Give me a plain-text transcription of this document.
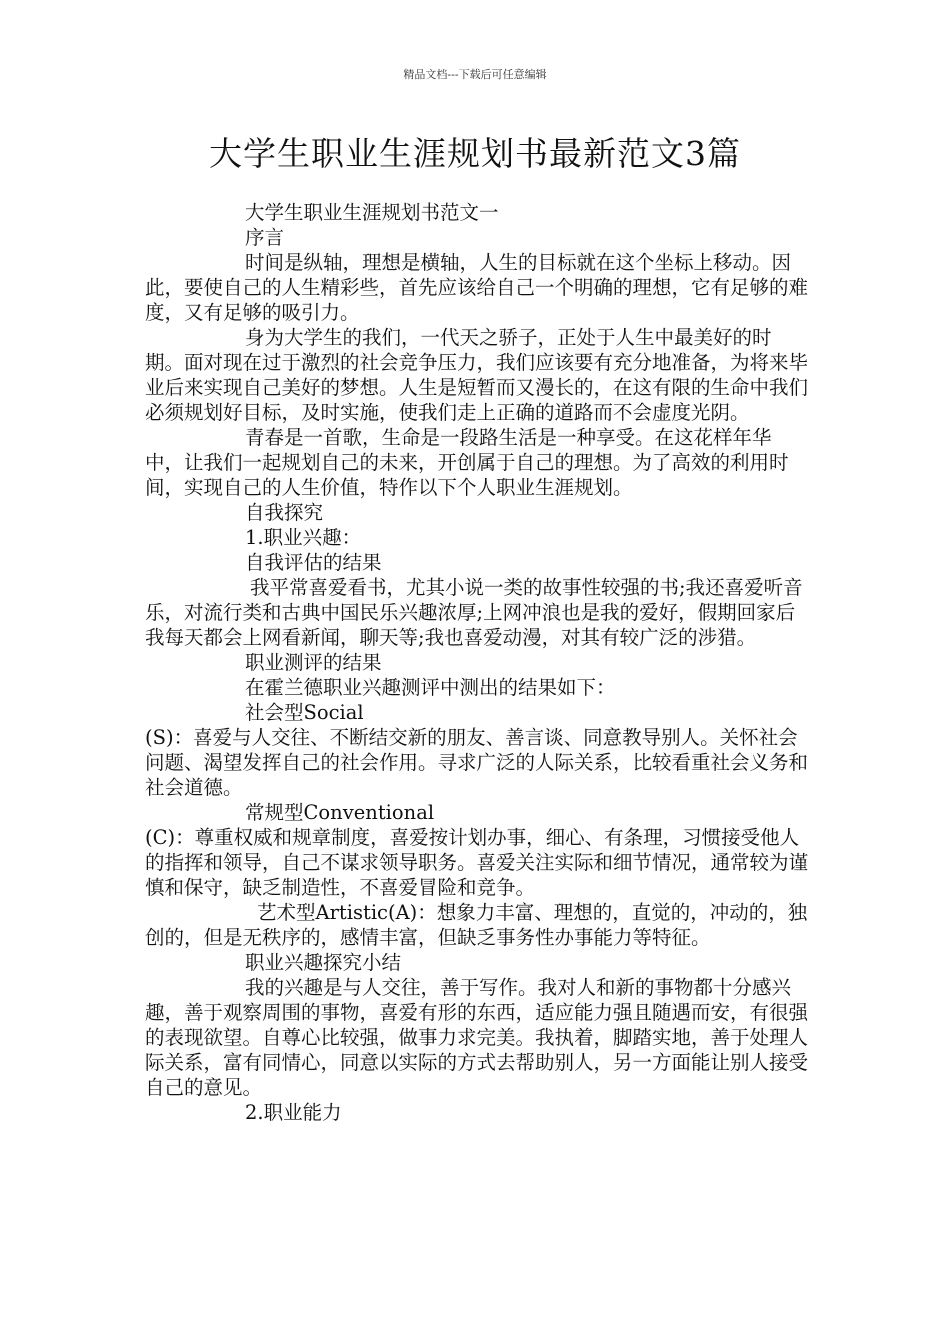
精品文档---下载后可任意编辑
大学生职业生涯规划书最新范文3篇

大学生职业生涯规划书范文一

序言

时间是纵轴，理想是横轴，人生的目标就在这个坐标上移动。因此，要使自己的人生精彩些，首先应该给自己一个明确的理想，它有足够的难度，又有足够的吸引力。

身为大学生的我们，一代天之骄子，正处于人生中最美好的时期。面对现在过于激烈的社会竞争压力，我们应该要有充分地准备，为将来毕业后来实现自己美好的梦想。人生是短暂而又漫长的，在这有限的生命中我们必须规划好目标，及时实施，使我们走上正确的道路而不会虚度光阴。

青春是一首歌，生命是一段路生活是一种享受。在这花样年华中，让我们一起规划自己的未来，开创属于自己的理想。为了高效的利用时间，实现自己的人生价值，特作以下个人职业生涯规划。

自我探究

1.职业兴趣：

自我评估的结果

我平常喜爱看书，尤其小说一类的故事性较强的书;我还喜爱听音乐，对流行类和古典中国民乐兴趣浓厚;上网冲浪也是我的爱好，假期回家后我每天都会上网看新闻，聊天等;我也喜爱动漫，对其有较广泛的涉猎。

职业测评的结果

在霍兰德职业兴趣测评中测出的结果如下：

社会型Social

(S)：喜爱与人交往、不断结交新的朋友、善言谈、同意教导别人。关怀社会问题、渴望发挥自己的社会作用。寻求广泛的人际关系，比较看重社会义务和社会道德。

常规型Conventional

(C)：尊重权威和规章制度，喜爱按计划办事，细心、有条理，习惯接受他人的指挥和领导，自己不谋求领导职务。喜爱关注实际和细节情况，通常较为谨慎和保守，缺乏制造性，不喜爱冒险和竞争。

艺术型Artistic(A)：想象力丰富、理想的，直觉的，冲动的，独创的，但是无秩序的，感情丰富，但缺乏事务性办事能力等特征。

职业兴趣探究小结

我的兴趣是与人交往，善于写作。我对人和新的事物都十分感兴趣，善于观察周围的事物，喜爱有形的东西，适应能力强且随遇而安，有很强的表现欲望。自尊心比较强，做事力求完美。我执着，脚踏实地，善于处理人际关系，富有同情心，同意以实际的方式去帮助别人，另一方面能让别人接受自己的意见。

2.职业能力
